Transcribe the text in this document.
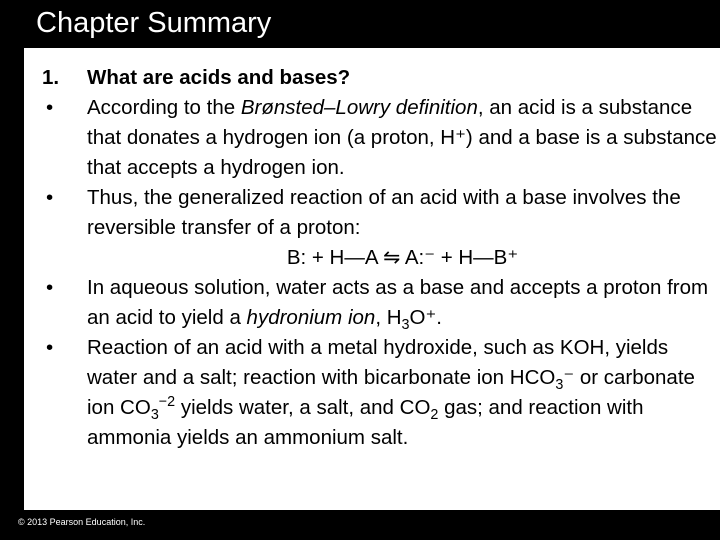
Chapter Summary
1.	What are acids and bases?
•	According to the Brønsted–Lowry definition, an acid is a substance that donates a hydrogen ion (a proton, H⁺) and a base is a substance that accepts a hydrogen ion.
•	Thus, the generalized reaction of an acid with a base involves the reversible transfer of a proton:
B: + H—A ⇋ A:⁻ + H—B⁺
•	In aqueous solution, water acts as a base and accepts a proton from an acid to yield a hydronium ion, $H_3O^+$.
•	Reaction of an acid with a metal hydroxide, such as KOH, yields water and a salt; reaction with bicarbonate ion $HCO_3^-$ or carbonate ion $CO_3^{-2}$ yields water, a salt, and $CO_2$ gas; and reaction with ammonia yields an ammonium salt.
© 2013 Pearson Education, Inc.
